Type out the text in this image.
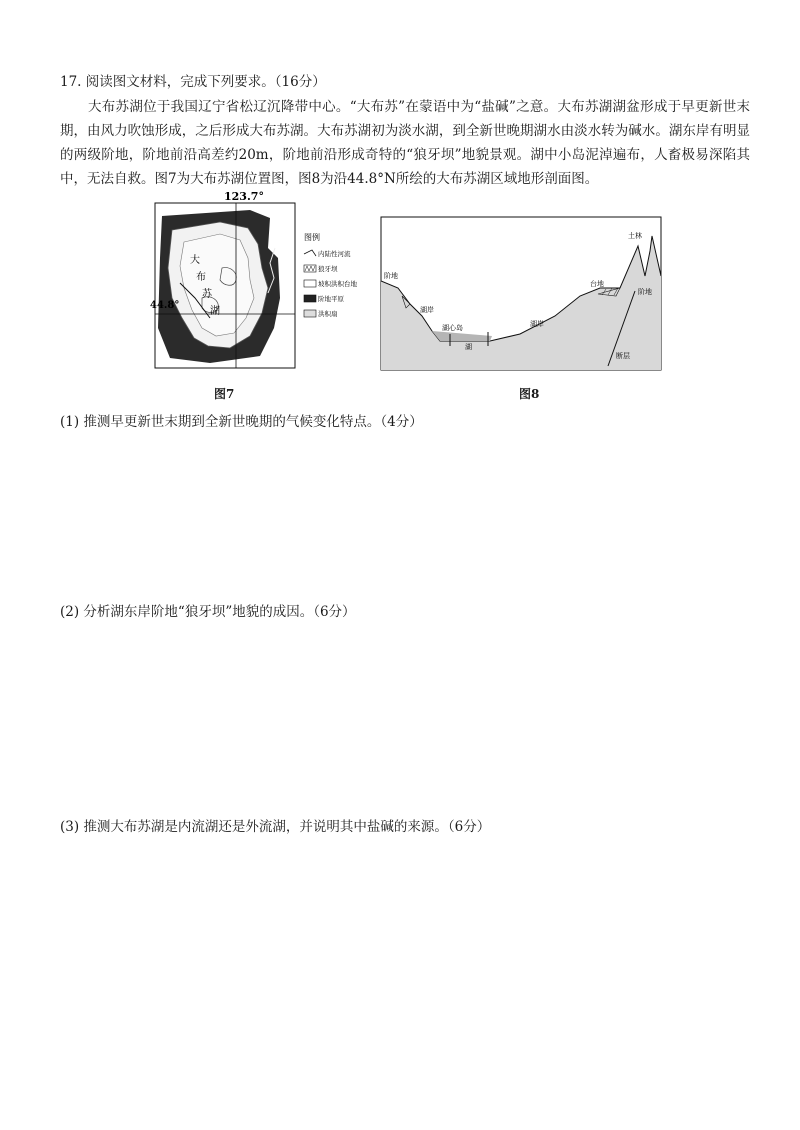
17. 阅读图文材料，完成下列要求。（16分）

大布苏湖位于我国辽宁省松辽沉降带中心。“大布苏”在蒙语中为“盐碱”之意。大布苏湖湖盆形成于早更新世末期，由风力吹蚀形成，之后形成大布苏湖。大布苏湖初为淡水湖，到全新世晚期湖水由淡水转为碱水。湖东岸有明显的两级阶地，阶地前沿高差约20m，阶地前沿形成奇特的“狼牙坝”地貌景观。湖中小岛泥淖遍布，人畜极易深陷其中，无法自救。图7为大布苏湖位置图，图8为沿44.8°N所绘的大布苏湖区域地形剖面图。

123.7°
44.8°
大
布
苏
湖
图例
内陆性河流
狼牙坝
坡积洪积台地
阶地平原
洪积扇
图7
阶地
湖岸
湖心岛
湖
湖岸
台地
阶地
土林
断层
图8
(1) 推测早更新世末期到全新世晚期的气候变化特点。（4分）
(2) 分析湖东岸阶地“狼牙坝”地貌的成因。（6分）
(3) 推测大布苏湖是内流湖还是外流湖，并说明其中盐碱的来源。（6分）
